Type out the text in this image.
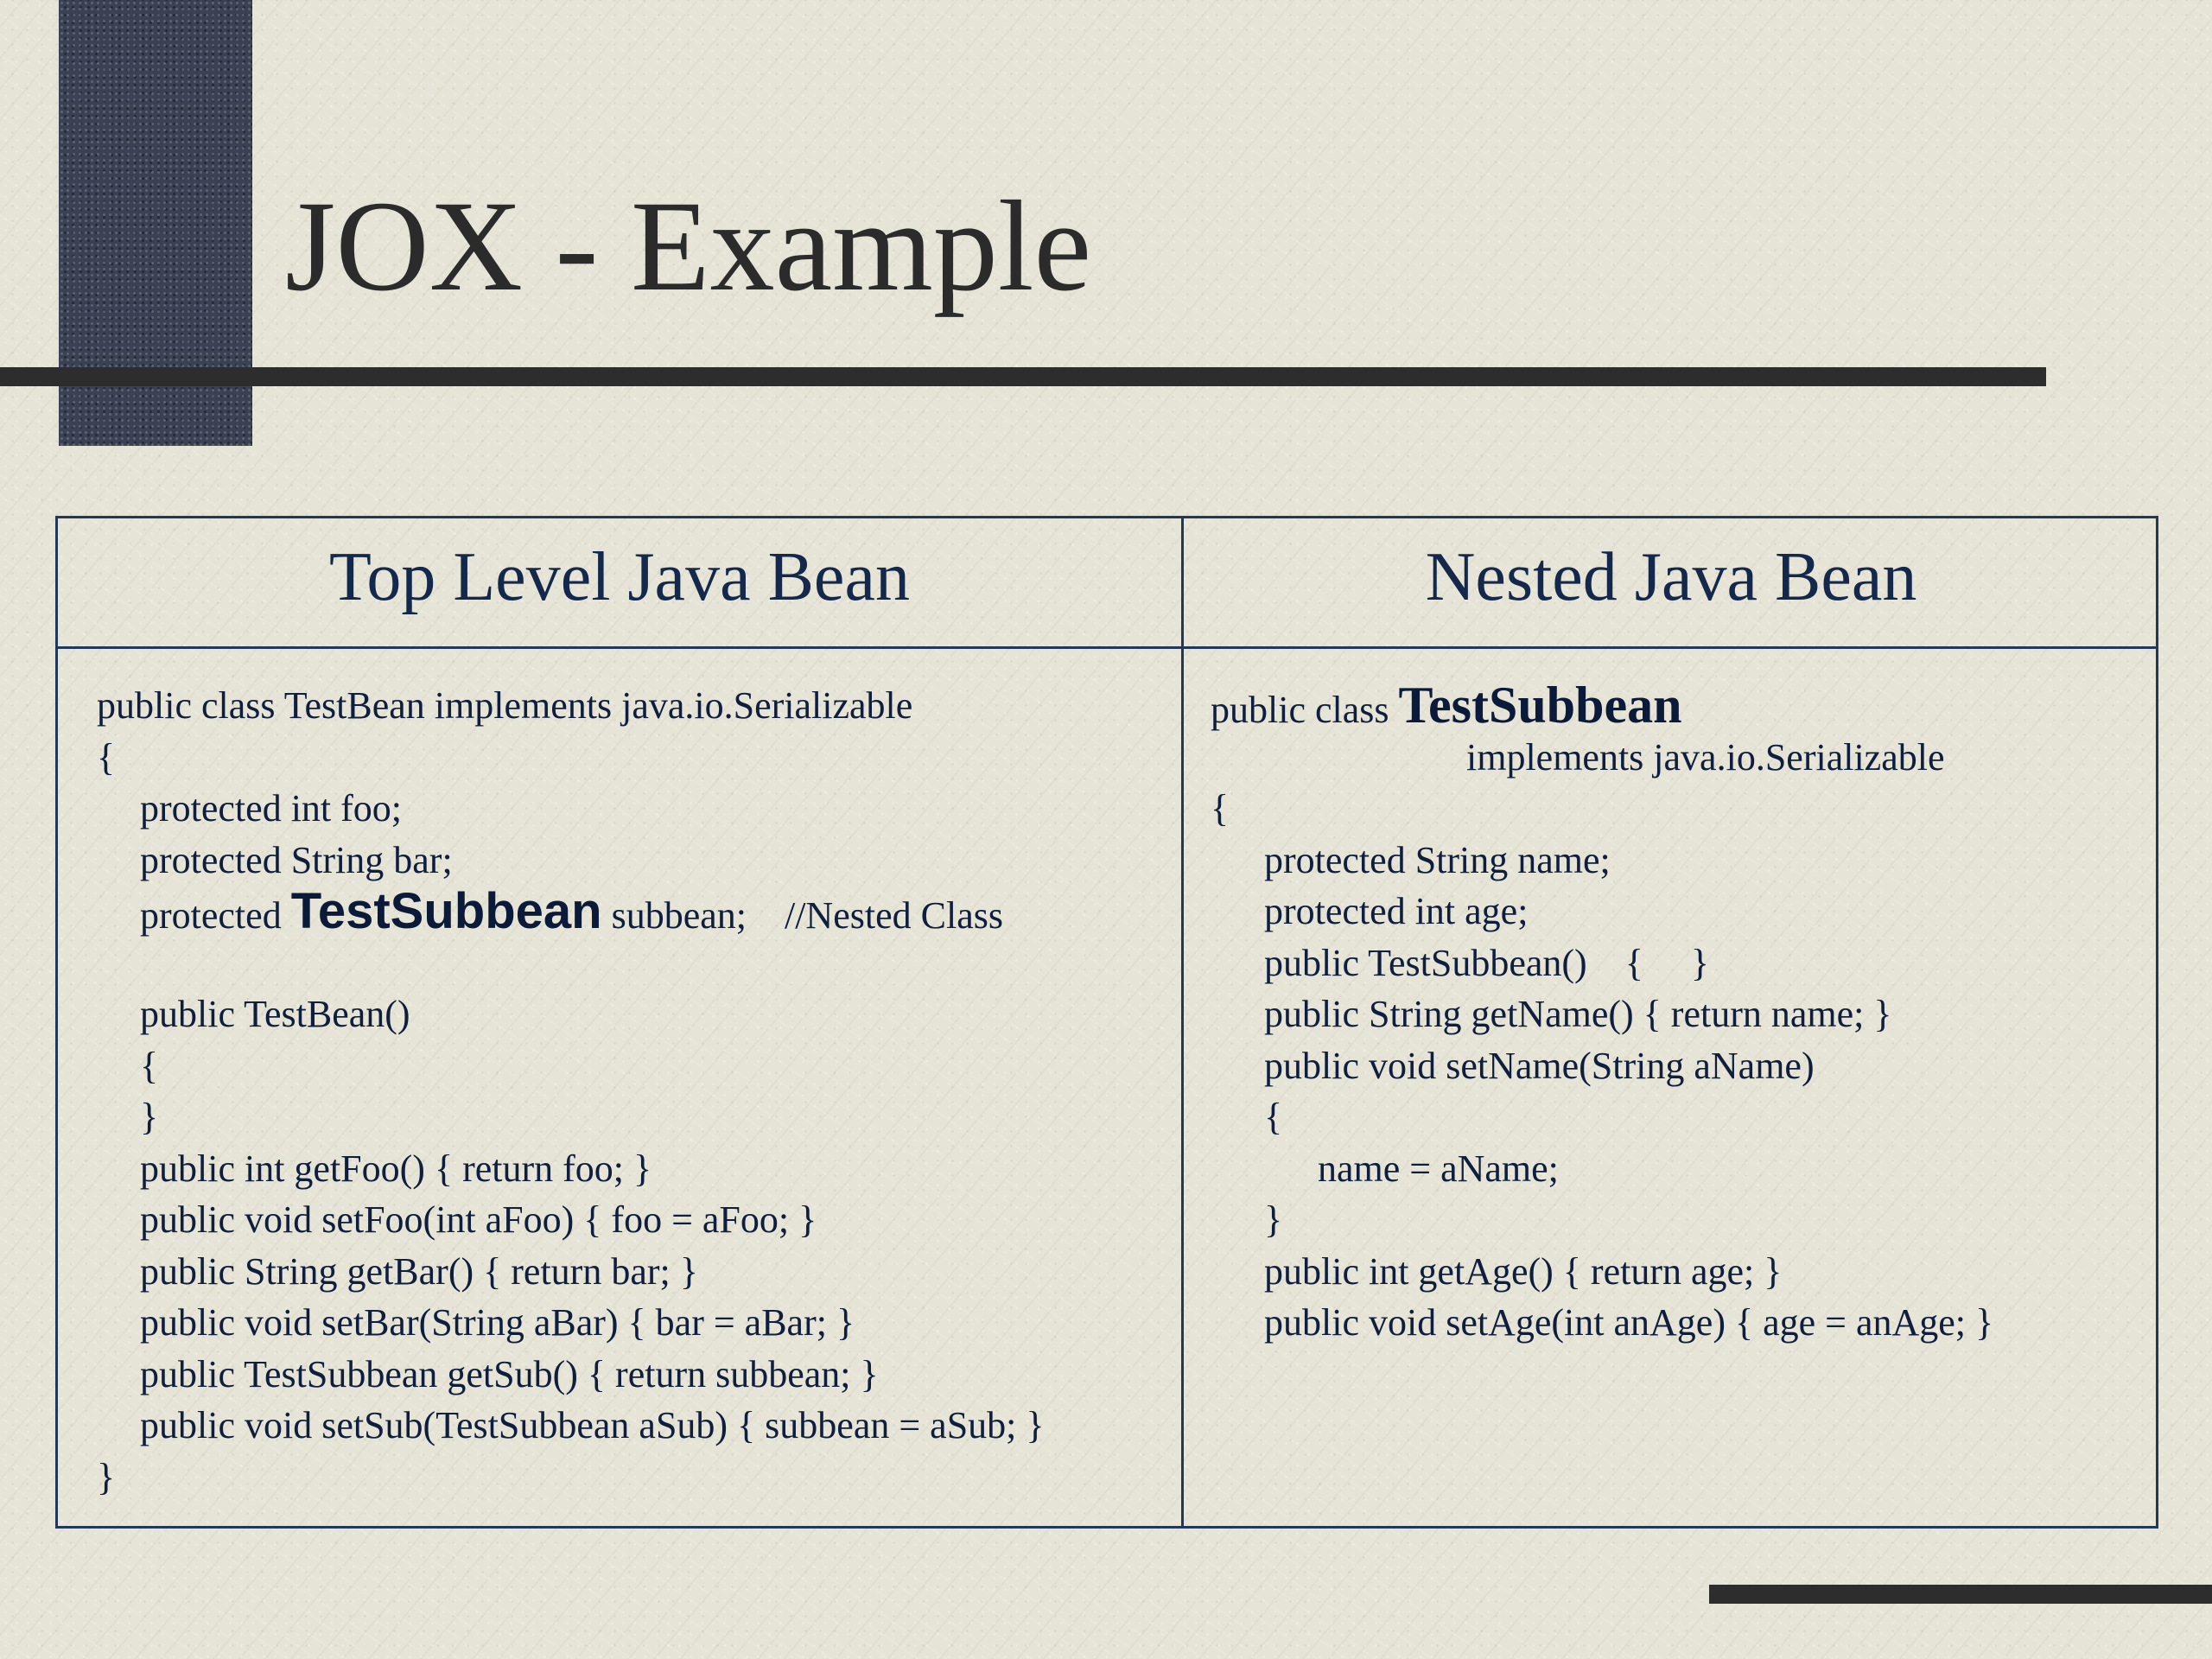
JOX - Example
Top Level Java Bean	Nested Java Bean
public class TestBean implements java.io.Serializable
{
protected int foo;
protected String bar;
protected TestSubbean subbean;    //Nested Class
public TestBean()
{
}
public int getFoo() { return foo; }
public void setFoo(int aFoo) { foo = aFoo; }
public String getBar() { return bar; }
public void setBar(String aBar) { bar = aBar; }
public TestSubbean getSub() { return subbean; }
public void setSub(TestSubbean aSub) { subbean = aSub; }
}
public class TestSubbean
implements java.io.Serializable
{
protected String name;
protected int age;
public TestSubbean()    {     }
public String getName() { return name; }
public void setName(String aName)
{
name = aName;
}
public int getAge() { return age; }
public void setAge(int anAge) { age = anAge; }
